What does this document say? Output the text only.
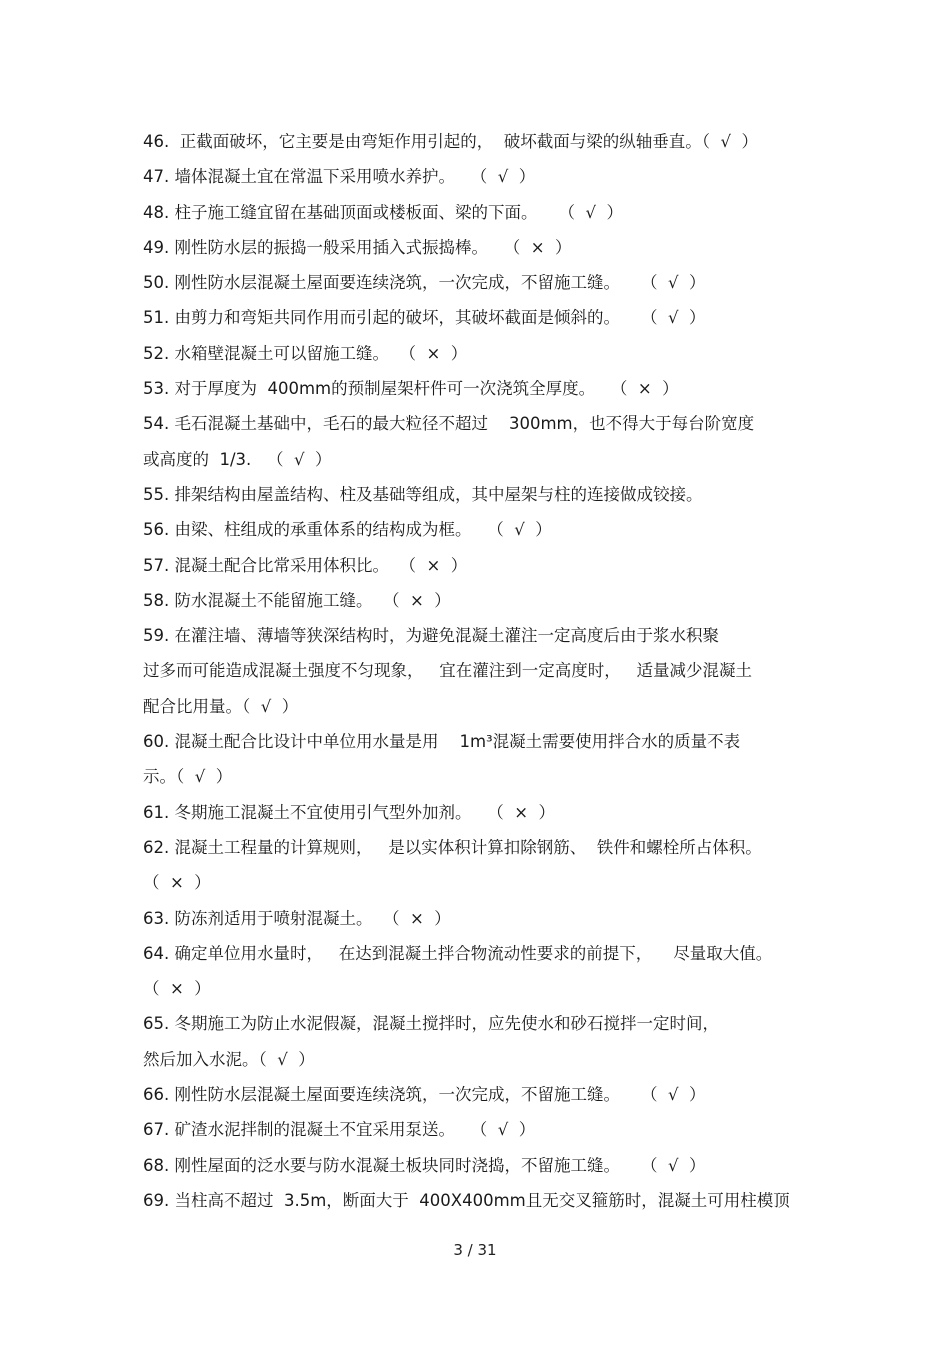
46.  正截面破坏，它主要是由弯矩作用引起的，  破坏截面与梁的纵轴垂直。（  √  ）
47. 墙体混凝土宜在常温下采用喷水养护。   （  √  ）
48. 柱子施工缝宜留在基础顶面或楼板面、梁的下面。    （  √  ）
49. 刚性防水层的振捣一般采用插入式振捣棒。   （  ×  ）
50. 刚性防水层混凝土屋面要连续浇筑，一次完成，不留施工缝。    （  √  ）
51. 由剪力和弯矩共同作用而引起的破坏，其破坏截面是倾斜的。    （  √  ）
52. 水箱壁混凝土可以留施工缝。  （  ×  ）
53. 对于厚度为  400mm的预制屋架杆件可一次浇筑全厚度。   （  ×  ）
54. 毛石混凝土基础中，毛石的最大粒径不超过    300mm，也不得大于每台阶宽度
或高度的  1/3.   （  √  ）
55. 排架结构由屋盖结构、柱及基础等组成，其中屋架与柱的连接做成铰接。
56. 由梁、柱组成的承重体系的结构成为框。   （  √  ）
57. 混凝土配合比常采用体积比。  （  ×  ）
58. 防水混凝土不能留施工缝。  （  ×  ）
59. 在灌注墙、薄墙等狭深结构时，为避免混凝土灌注一定高度后由于浆水积聚
过多而可能造成混凝土强度不匀现象，   宜在灌注到一定高度时，   适量减少混凝土
配合比用量。（  √  ）
60. 混凝土配合比设计中单位用水量是用    1m³混凝土需要使用拌合水的质量不表
示。（  √  ）
61. 冬期施工混凝土不宜使用引气型外加剂。   （  ×  ）
62. 混凝土工程量的计算规则，   是以实体积计算扣除钢筋、  铁件和螺栓所占体积。
（  ×  ）
63. 防冻剂适用于喷射混凝土。  （  ×  ）
64. 确定单位用水量时，   在达到混凝土拌合物流动性要求的前提下，    尽量取大值。
（  ×  ）
65. 冬期施工为防止水泥假凝，混凝土搅拌时，应先使水和砂石搅拌一定时间，
然后加入水泥。（  √  ）
66. 刚性防水层混凝土屋面要连续浇筑，一次完成，不留施工缝。    （  √  ）
67. 矿渣水泥拌制的混凝土不宜采用泵送。   （  √  ）
68. 刚性屋面的泛水要与防水混凝土板块同时浇捣，不留施工缝。    （  √  ）
69. 当柱高不超过  3.5m，断面大于  400X400mm且无交叉箍筋时，混凝土可用柱模顶
3 / 31
